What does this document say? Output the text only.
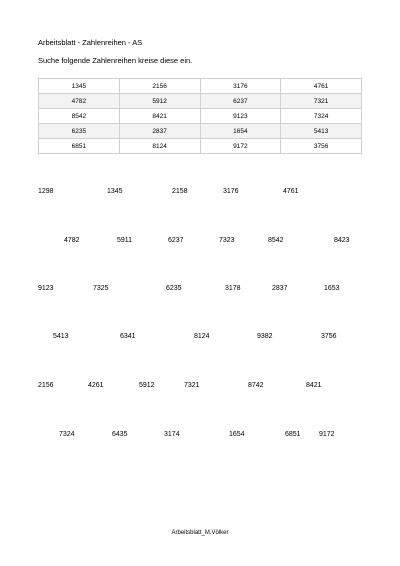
Arbeitsblatt - Zahlenreihen - AS
Suche folgende Zahlenreihen kreise diese ein.
1345	2156	3176	4761
4782	5912	6237	7321
8542	8421	9123	7324
6235	2837	1654	5413
6851	8124	9172	3756
1298	1345	2158	3176	4761
4782	5911	6237	7323	8542	8423
9123	7325	6235	3178	2837	1653
5413	6341	8124	9382	3756
2156	4261	5912	7321	8742	8421
7324	6435	3174	1654	6851	9172
Arbeitsblatt_M.Völker
